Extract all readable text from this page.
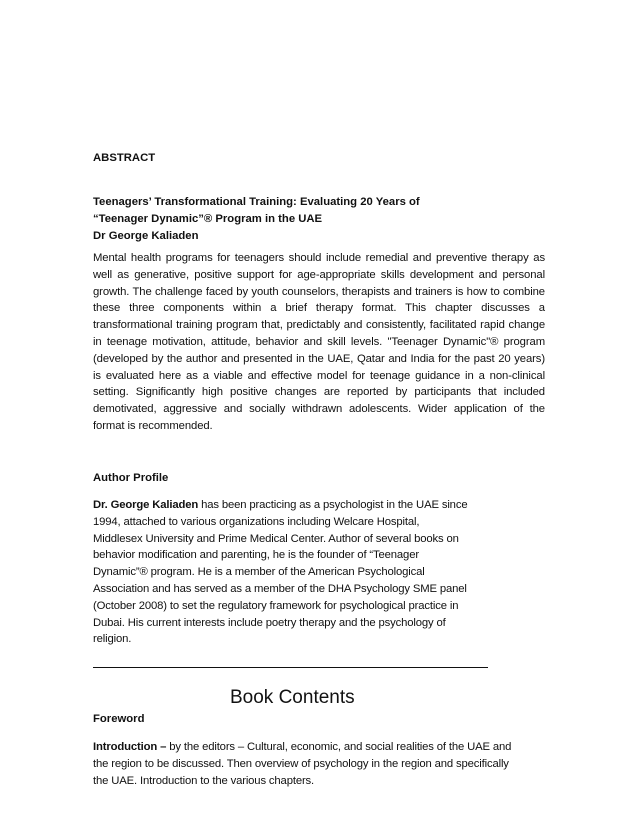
ABSTRACT
Teenagers’ Transformational Training: Evaluating 20 Years of
“Teenager Dynamic”® Program in the UAE
Dr George Kaliaden
Mental health programs for teenagers should include remedial and preventive therapy as well as generative, positive support for age-appropriate skills development and personal growth. The challenge faced by youth counselors, therapists and trainers is how to combine these three components within a brief therapy format. This chapter discusses a transformational training program that, predictably and consistently, facilitated rapid change in teenage motivation, attitude, behavior and skill levels. "Teenager Dynamic"® program (developed by the author and presented in the UAE, Qatar and India for the past 20 years) is evaluated here as a viable and effective model for teenage guidance in a non-clinical setting. Significantly high positive changes are reported by participants that included demotivated, aggressive and socially withdrawn adolescents. Wider application of the format is recommended.
Author Profile
Dr. George Kaliaden has been practicing as a psychologist in the UAE since
1994, attached to various organizations including Welcare Hospital,
Middlesex University and Prime Medical Center. Author of several books on
behavior modification and parenting, he is the founder of “Teenager
Dynamic”® program. He is a member of the American Psychological
Association and has served as a member of the DHA Psychology SME panel
(October 2008) to set the regulatory framework for psychological practice in
Dubai. His current interests include poetry therapy and the psychology of
religion.
Book Contents
Foreword
Introduction – by the editors – Cultural, economic, and social realities of the UAE and
the region to be discussed. Then overview of psychology in the region and specifically
the UAE. Introduction to the various chapters.
